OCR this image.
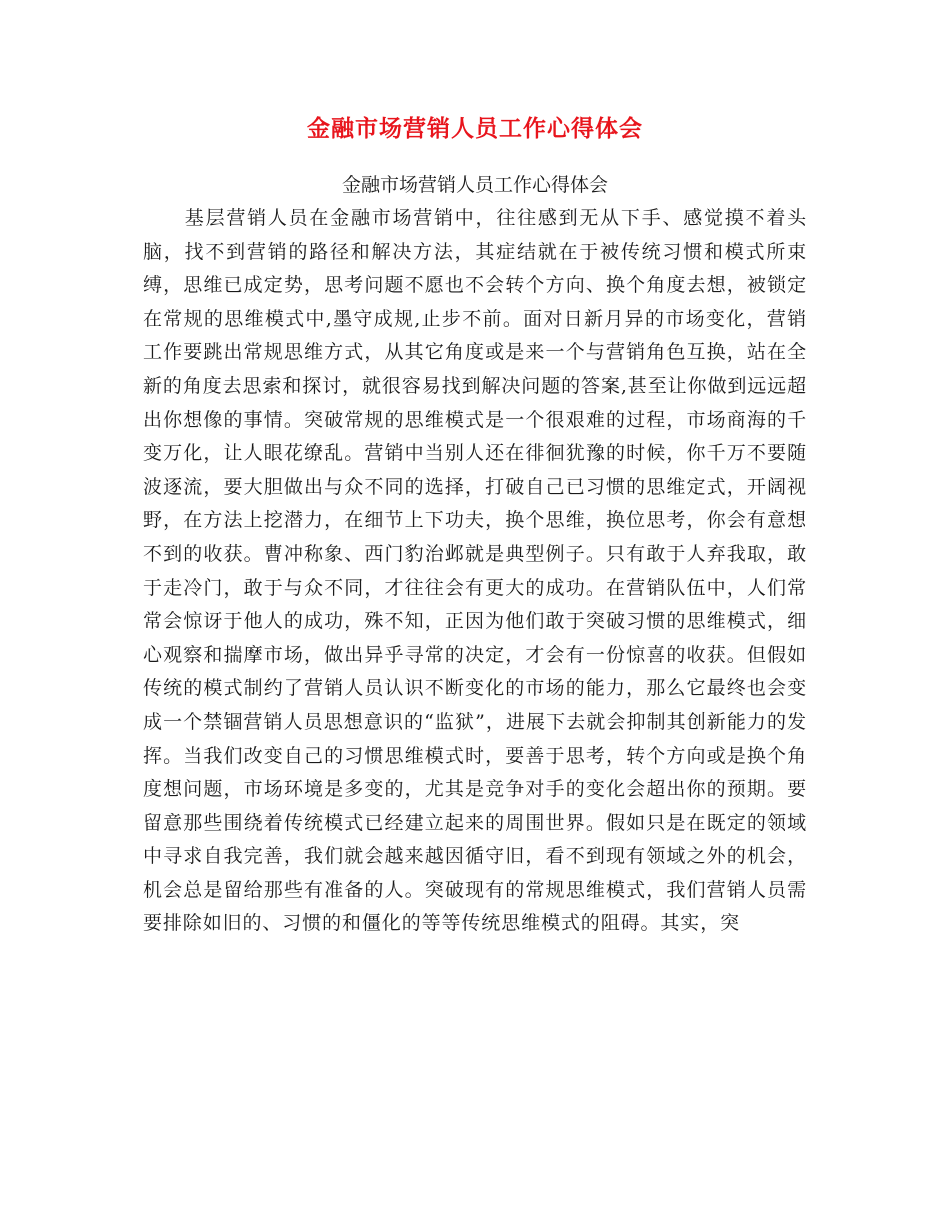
金融市场营销人员工作心得体会
金融市场营销人员工作心得体会

基层营销人员在金融市场营销中，往往感到无从下手、感觉摸不着头脑，找不到营销的路径和解决方法，其症结就在于被传统习惯和模式所束缚，思维已成定势，思考问题不愿也不会转个方向、换个角度去想，被锁定在常规的思维模式中,墨守成规,止步不前。面对日新月异的市场变化，营销工作要跳出常规思维方式，从其它角度或是来一个与营销角色互换，站在全新的角度去思索和探讨，就很容易找到解决问题的答案,甚至让你做到远远超出你想像的事情。突破常规的思维模式是一个很艰难的过程，市场商海的千变万化，让人眼花缭乱。营销中当别人还在徘徊犹豫的时候，你千万不要随波逐流，要大胆做出与众不同的选择，打破自己已习惯的思维定式，开阔视野，在方法上挖潜力，在细节上下功夫，换个思维，换位思考，你会有意想不到的收获。曹冲称象、西门豹治邺就是典型例子。只有敢于人弃我取，敢于走冷门，敢于与众不同，才往往会有更大的成功。在营销队伍中，人们常常会惊讶于他人的成功，殊不知，正因为他们敢于突破习惯的思维模式，细心观察和揣摩市场，做出异乎寻常的决定，才会有一份惊喜的收获。但假如传统的模式制约了营销人员认识不断变化的市场的能力，那么它最终也会变成一个禁锢营销人员思想意识的“监狱”，进展下去就会抑制其创新能力的发挥。当我们改变自己的习惯思维模式时，要善于思考，转个方向或是换个角度想问题，市场环境是多变的，尤其是竞争对手的变化会超出你的预期。要留意那些围绕着传统模式已经建立起来的周围世界。假如只是在既定的领域中寻求自我完善，我们就会越来越因循守旧，看不到现有领域之外的机会，机会总是留给那些有准备的人。突破现有的常规思维模式，我们营销人员需要排除如旧的、习惯的和僵化的等等传统思维模式的阻碍。其实，突
